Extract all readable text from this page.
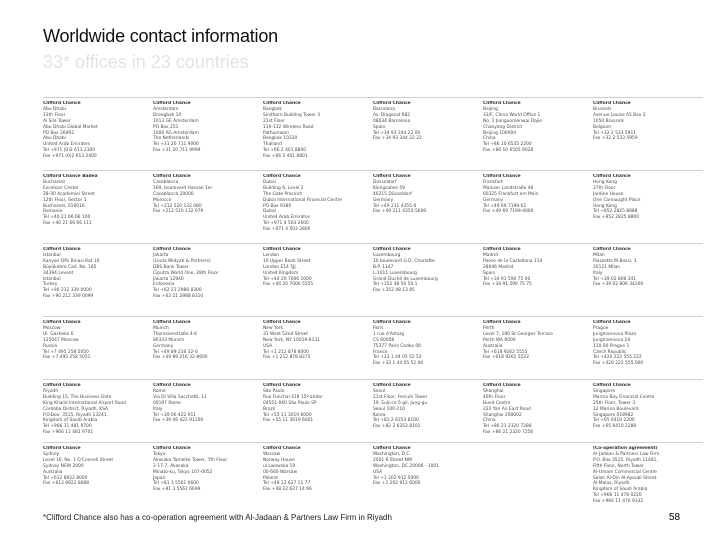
Worldwide contact information
33* offices in 23 countries
Clifford Chance
Abu Dhabi
13th Floor
Al Sila Tower
Abu Dhabi Global Market
PO Box 26492
Abu Dhabi
United Arab Emirates
Tel +971 (0)2 613 2300
Fax +971 (0)2 613 2400
Clifford Chance
Amsterdam
Droogbak 1A
1013 GE Amsterdam
PO Box 251
1000 AG Amsterdam
The Netherlands
Tel +31 20 711 9000
Fax +31 20 711 9999
Clifford Chance
Bangkok
Sindhorn Building Tower 3
21st Floor
130-132 Wireless Road
Pathumwan
Bangkok 10330
Thailand
Tel +66 2 401 8800
Fax +66 2 401 8801
Clifford Chance
Barcelona
Av. Diagonal 682
08034 Barcelona
Spain
Tel +34 93 344 22 00
Fax +34 93 344 22 22
Clifford Chance
Beijing
33/F, China World Office 1
No. 1 Jianguomenwai Dajie
Chaoyang District
Beijing 100004
China
Tel +86 10 6535 2200
Fax +86 10 6505 9028
Clifford Chance
Brussels
Avenue Louise 65 Box 2
1050 Brussels
Belgium
Tel +32 2 533 5911
Fax +32 2 533 5959
Clifford Chance Badea
Bucharest
Excelsior Center
28-30 Academiei Street
12th Floor, Sector 1
Bucharest, 010016
Romania
Tel +40 21 66 66 100
Fax +40 21 66 66 111
Clifford Chance
Casablanca
169, boulevard Hassan 1er
Casablanca 20000
Morocco
Tel +212 520 132 080
Fax +212 520 132 079
Clifford Chance
Dubai
Building 6, Level 2
The Gate Precinct
Dubai International Financial Centre
PO Box 9380
Dubai
United Arab Emirates
Tel +971 4 503 2600
Fax +971 4 503 2800
Clifford Chance
Düsseldorf
Königsallee 59
40215 Düsseldorf
Germany
Tel +49 211 4355-0
Fax +49 211 4355-5600
Clifford Chance
Frankfurt
Mainzer Landstraße 46
60325 Frankfurt am Main
Germany
Tel +49 69 7199-01
Fax +49 69 7199-4000
Clifford Chance
Hong Kong
27th Floor
Jardine House
One Connaught Place
Hong Kong
Tel +852 2825 8888
Fax +852 2825 8800
Clifford Chance
Istanbul
Kanyon Ofis Binası Kat 10
Büyükdere Cad. No. 185
34394 Levent
Istanbul
Turkey
Tel +90 212 339 0000
Fax +90 212 339 0099
Clifford Chance
Jakarta
(Linda Widyati & Partners)
DBS Bank Tower
Ciputra World One, 28th Floor
Jakarta 12940
Indonesia
Tel +62 21 2988 8300
Fax +62 21 2988 8310
Clifford Chance
London
10 Upper Bank Street
London E14 5JJ
United Kingdom
Tel +44 20 7006 1000
Fax +44 20 7006 5555
Clifford Chance
Luxembourg
10 boulevard G.D. Charlotte
B.P. 1147
L-1011 Luxembourg
Grand-Duché de Luxembourg
Tel +352 48 50 50 1
Fax +352 48 13 85
Clifford Chance
Madrid
Paseo de la Castellana 110
28046 Madrid
Spain
Tel +34 91 590 75 00
Fax +34 91 590 75 75
Clifford Chance
Milan
Piazzetta M.Bossi, 3
20121 Milan
Italy
Tel +39 02 806 341
Fax +39 02 806 34200
Clifford Chance
Moscow
Ul. Gasheka 6
125047 Moscow
Russia
Tel +7 495 258 5050
Fax +7 495 258 5051
Clifford Chance
Munich
Theresienstraße 4-6
80333 Munich
Germany
Tel +49 89 216 32-0
Fax +49 89 216 32-8600
Clifford Chance
New York
31 West 52nd Street
New York, NY 10019-6131
USA
Tel +1 212 878 8000
Fax +1 212 878 8375
Clifford Chance
Paris
1 rue d'Astorg
CS 60058
75377 Paris Cedex 08
France
Tel +33 1 44 05 52 52
Fax +33 1 44 05 52 00
Clifford Chance
Perth
Level 7, 190 St Georges Terrace
Perth WA 6000
Australia
Tel +618 9262 5555
Fax +618 9262 5522
Clifford Chance
Prague
Jungmannova Plaza
Jungmannova 24
110 00 Prague 1
Czech Republic
Tel +420 222 555 222
Fax +420 222 555 000
Clifford Chance
Riyadh
Building 15, The Business Gate
King Khalid International Airport Road
Cordoba District, Riyadh, KSA.
P.O.Box: 3515, Riyadh 13241,
Kingdom of Saudi Arabia
Tel +966 11 481 9700
Fax +966 11 481 9701
Clifford Chance
Rome
Via Di Villa Sacchetti, 11
00197 Rome
Italy
Tel +39 06 422 911
Fax +39 06 422 91200
Clifford Chance
São Paulo
Rua Funchal 418 15º andar
04551-060 São Paulo SP
Brazil
Tel +55 11 3019 6000
Fax +55 11 3019 6001
Clifford Chance
Seoul
21st Floor, Ferrum Tower
19, Eulji-ro 5-gil, Jung-gu
Seoul 100-210
Korea
Tel +82 2 6353 8100
Fax +82 2 6353 8101
Clifford Chance
Shanghai
40th Floor
Bund Centre
222 Yan An East Road
Shanghai 200002
China
Tel +86 21 2320 7288
Fax +86 21 2320 7256
Clifford Chance
Singapore
Marina Bay Financial Centre
25th Floor, Tower 3
12 Marina Boulevard
Singapore 018982
Tel +65 6410 2200
Fax +65 6410 2288
Clifford Chance
Sydney
Level 16, No. 1 O'Connell Street
Sydney NSW 2000
Australia
Tel +612 8922 8000
Fax +612 8922 8088
Clifford Chance
Tokyo
Akasaka Tameike Tower, 7th Floor
2-17-7, Akasaka
Minato-ku, Tokyo 107-0052
Japan
Tel +81 3 5561 6600
Fax +81 3 5561 6699
Clifford Chance
Warsaw
Norway House
ul.Lwowska 19
00-660 Warsaw
Poland
Tel +48 22 627 11 77
Fax +48 22 627 14 66
Clifford Chance
Washington, D.C.
2001 K Street NW
Washington, DC 20006 - 1001
USA
Tel +1 202 912 5000
Fax +1 202 912 6000
(Co-operation agreement)
Al-Jadaan & Partners Law Firm
P.O. Box 3515, Riyadh 11481,
Fifth Floor, North Tower
Al-Umam Commercial Centre
Salah Al-Din Al-Ayoubi Street
Al-Malaz, Riyadh
Kingdom of Saudi Arabia
Tel +966 11 478 0220
Fax +966 11 476 9332
*Clifford Chance also has a co-operation agreement with Al-Jadaan & Partners Law Firm in Riyadh	58
